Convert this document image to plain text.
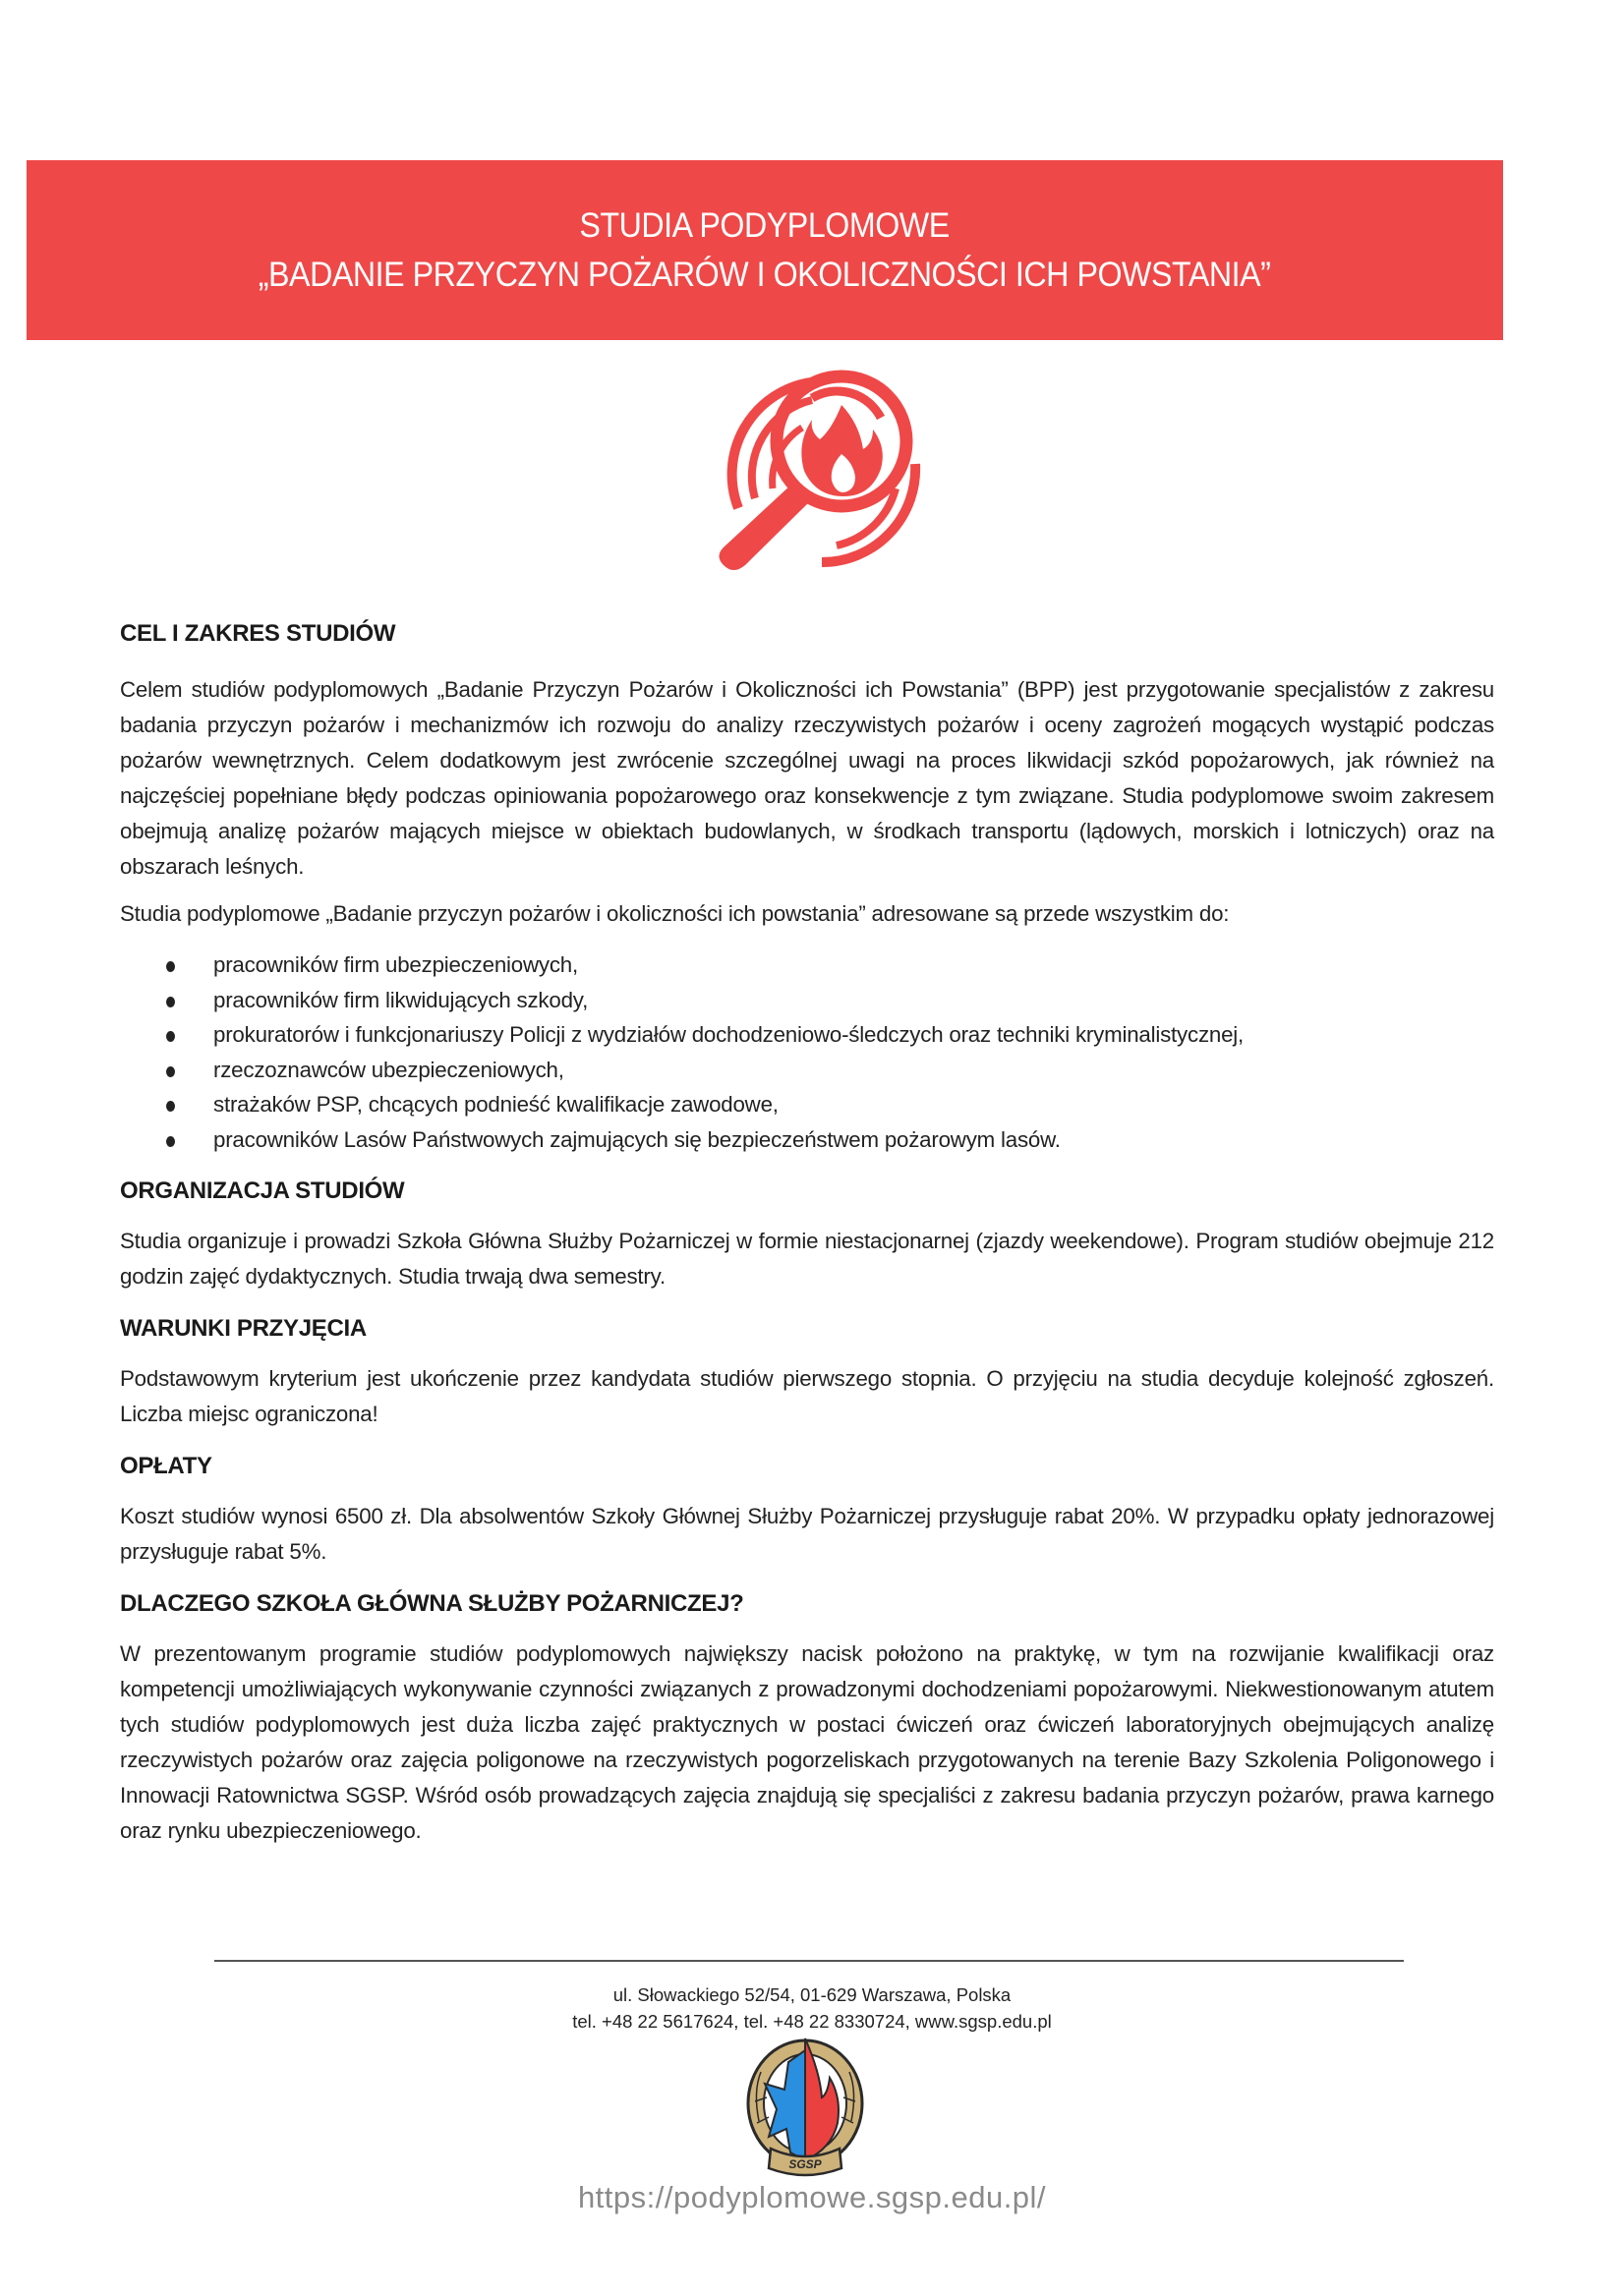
STUDIA PODYPLOMOWE
„BADANIE PRZYCZYN POŻARÓW I OKOLICZNOŚCI ICH POWSTANIA”
CEL I ZAKRES STUDIÓW

Celem studiów podyplomowych „Badanie Przyczyn Pożarów i Okoliczności ich Powstania” (BPP) jest przygotowanie specjalistów z zakresu badania przyczyn pożarów i mechanizmów ich rozwoju do analizy rzeczywistych pożarów i oceny zagrożeń mogących wystąpić podczas pożarów wewnętrznych. Celem dodatkowym jest zwrócenie szczególnej uwagi na proces likwidacji szkód popożarowych, jak również na najczęściej popełniane błędy podczas opiniowania popożarowego oraz konsekwencje z tym związane. Studia podyplomowe swoim zakresem obejmują analizę pożarów mających miejsce w obiektach budowlanych, w środkach transportu (lądowych, morskich i lotniczych) oraz na obszarach leśnych.

Studia podyplomowe „Badanie przyczyn pożarów i okoliczności ich powstania” adresowane są przede wszystkim do:

pracowników firm ubezpieczeniowych,
pracowników firm likwidujących szkody,
prokuratorów i funkcjonariuszy Policji z wydziałów dochodzeniowo-śledczych oraz techniki kryminalistycznej,
rzeczoznawców ubezpieczeniowych,
strażaków PSP, chcących podnieść kwalifikacje zawodowe,
pracowników Lasów Państwowych zajmujących się bezpieczeństwem pożarowym lasów.
ORGANIZACJA STUDIÓW

Studia organizuje i prowadzi Szkoła Główna Służby Pożarniczej w formie niestacjonarnej (zjazdy weekendowe). Program studiów obejmuje 212 godzin zajęć dydaktycznych. Studia trwają dwa semestry.

WARUNKI PRZYJĘCIA

Podstawowym kryterium jest ukończenie przez kandydata studiów pierwszego stopnia. O przyjęciu na studia decyduje kolejność zgłoszeń. Liczba miejsc ograniczona!

OPŁATY

Koszt studiów wynosi 6500 zł. Dla absolwentów Szkoły Głównej Służby Pożarniczej przysługuje rabat 20%. W przypadku opłaty jednorazowej przysługuje rabat 5%.

DLACZEGO SZKOŁA GŁÓWNA SŁUŻBY POŻARNICZEJ?

W prezentowanym programie studiów podyplomowych największy nacisk położono na praktykę, w tym na rozwijanie kwalifikacji oraz kompetencji umożliwiających wykonywanie czynności związanych z prowadzonymi dochodzeniami popożarowymi. Niekwestionowanym atutem tych studiów podyplomowych jest duża liczba zajęć praktycznych w postaci ćwiczeń oraz ćwiczeń laboratoryjnych obejmujących analizę rzeczywistych pożarów oraz zajęcia poligonowe na rzeczywistych pogorzeliskach przygotowanych na terenie Bazy Szkolenia Poligonowego i Innowacji Ratownictwa SGSP. Wśród osób prowadzących zajęcia znajdują się specjaliści z zakresu badania przyczyn pożarów, prawa karnego oraz rynku ubezpieczeniowego.

ul. Słowackiego 52/54, 01-629 Warszawa, Polska
tel. +48 22 5617624, tel. +48 22 8330724, www.sgsp.edu.pl
SGSP
https://podyplomowe.sgsp.edu.pl/
